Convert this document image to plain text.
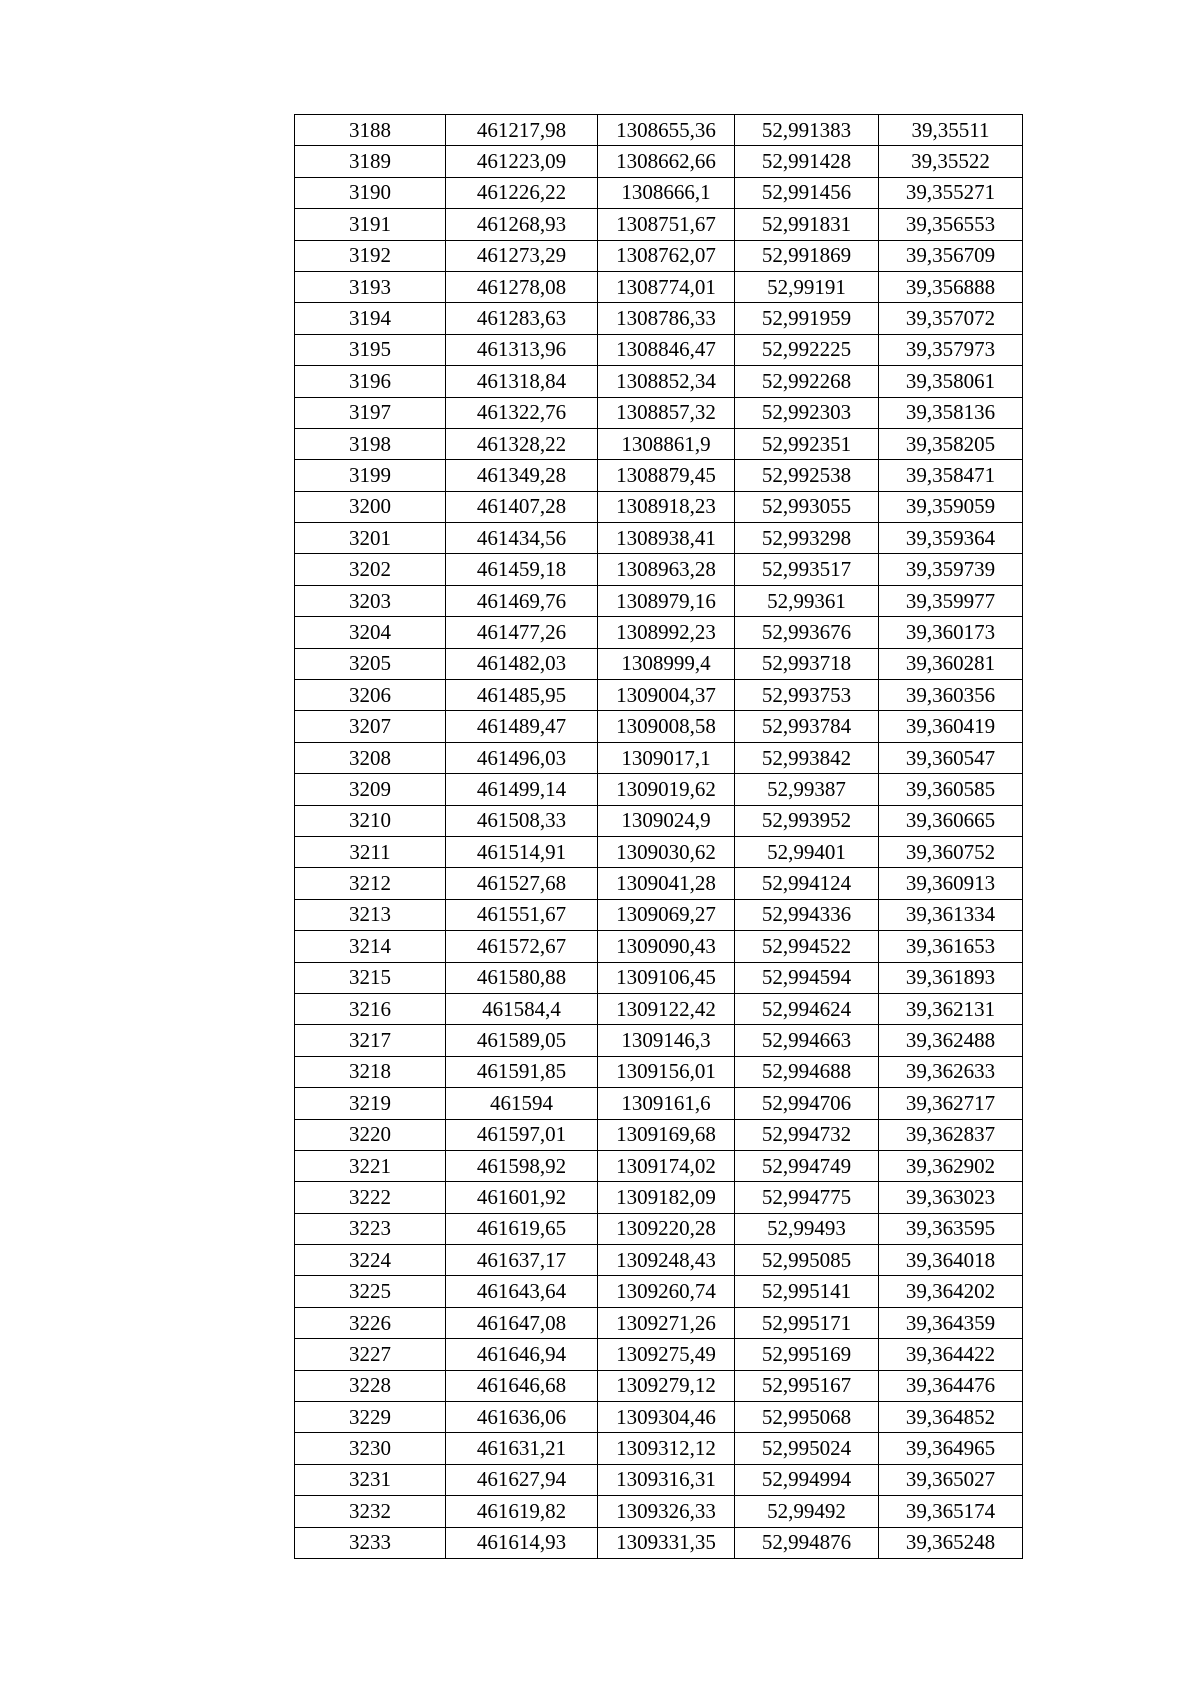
3188	461217,98	1308655,36	52,991383	39,35511
3189	461223,09	1308662,66	52,991428	39,35522
3190	461226,22	1308666,1	52,991456	39,355271
3191	461268,93	1308751,67	52,991831	39,356553
3192	461273,29	1308762,07	52,991869	39,356709
3193	461278,08	1308774,01	52,99191	39,356888
3194	461283,63	1308786,33	52,991959	39,357072
3195	461313,96	1308846,47	52,992225	39,357973
3196	461318,84	1308852,34	52,992268	39,358061
3197	461322,76	1308857,32	52,992303	39,358136
3198	461328,22	1308861,9	52,992351	39,358205
3199	461349,28	1308879,45	52,992538	39,358471
3200	461407,28	1308918,23	52,993055	39,359059
3201	461434,56	1308938,41	52,993298	39,359364
3202	461459,18	1308963,28	52,993517	39,359739
3203	461469,76	1308979,16	52,99361	39,359977
3204	461477,26	1308992,23	52,993676	39,360173
3205	461482,03	1308999,4	52,993718	39,360281
3206	461485,95	1309004,37	52,993753	39,360356
3207	461489,47	1309008,58	52,993784	39,360419
3208	461496,03	1309017,1	52,993842	39,360547
3209	461499,14	1309019,62	52,99387	39,360585
3210	461508,33	1309024,9	52,993952	39,360665
3211	461514,91	1309030,62	52,99401	39,360752
3212	461527,68	1309041,28	52,994124	39,360913
3213	461551,67	1309069,27	52,994336	39,361334
3214	461572,67	1309090,43	52,994522	39,361653
3215	461580,88	1309106,45	52,994594	39,361893
3216	461584,4	1309122,42	52,994624	39,362131
3217	461589,05	1309146,3	52,994663	39,362488
3218	461591,85	1309156,01	52,994688	39,362633
3219	461594	1309161,6	52,994706	39,362717
3220	461597,01	1309169,68	52,994732	39,362837
3221	461598,92	1309174,02	52,994749	39,362902
3222	461601,92	1309182,09	52,994775	39,363023
3223	461619,65	1309220,28	52,99493	39,363595
3224	461637,17	1309248,43	52,995085	39,364018
3225	461643,64	1309260,74	52,995141	39,364202
3226	461647,08	1309271,26	52,995171	39,364359
3227	461646,94	1309275,49	52,995169	39,364422
3228	461646,68	1309279,12	52,995167	39,364476
3229	461636,06	1309304,46	52,995068	39,364852
3230	461631,21	1309312,12	52,995024	39,364965
3231	461627,94	1309316,31	52,994994	39,365027
3232	461619,82	1309326,33	52,99492	39,365174
3233	461614,93	1309331,35	52,994876	39,365248
